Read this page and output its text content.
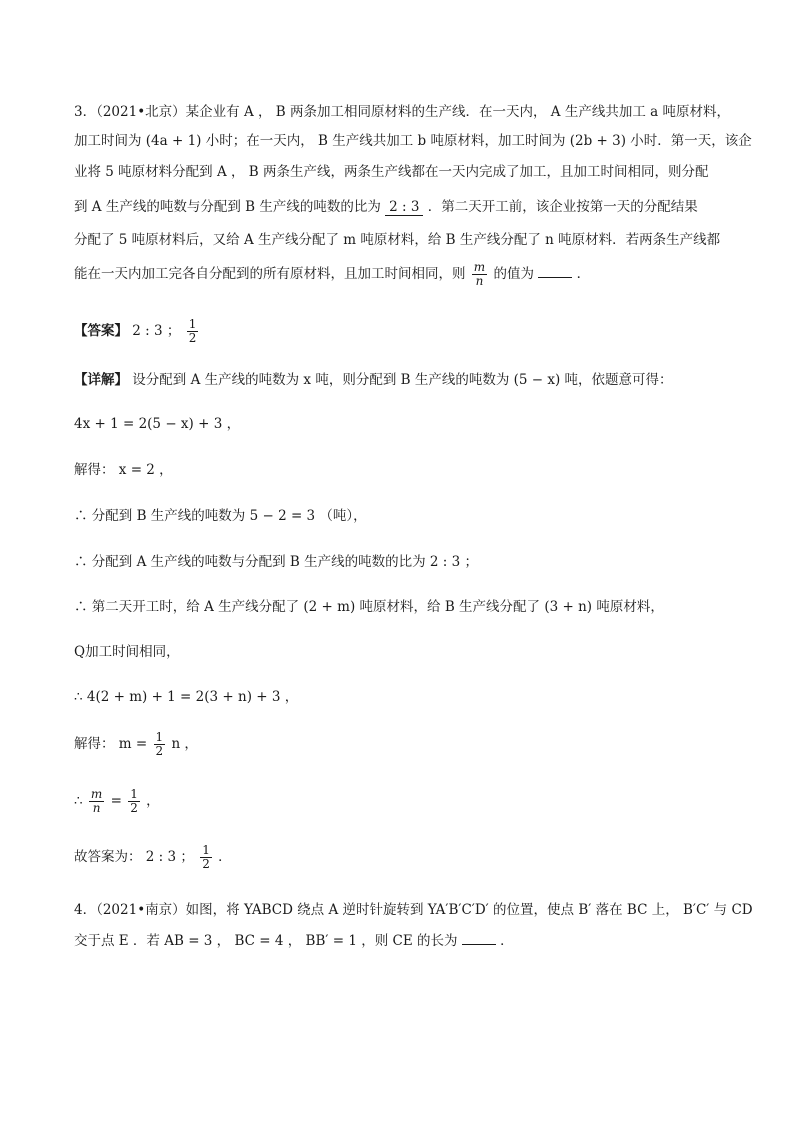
3．（2021•北京）某企业有 A ， B 两条加工相同原材料的生产线．在一天内， A 生产线共加工 a 吨原材料，
加工时间为 (4a + 1) 小时；在一天内， B 生产线共加工 b 吨原材料，加工时间为 (2b + 3) 小时．第一天，该企
业将 5 吨原材料分配到 A ， B 两条生产线，两条生产线都在一天内完成了加工，且加工时间相同，则分配
到 A 生产线的吨数与分配到 B 生产线的吨数的比为 2 : 3 ．第二天开工前，该企业按第一天的分配结果
分配了 5 吨原材料后，又给 A 生产线分配了 m 吨原材料，给 B 生产线分配了 n 吨原材料．若两条生产线都
能在一天内加工完各自分配到的所有原材料，且加工时间相同，则 $\frac{m}{n}$ 的值为	．
【答案】 2 : 3 ； $\frac{1}{2}$
【详解】 设分配到 A 生产线的吨数为 x 吨，则分配到 B 生产线的吨数为 (5 − x) 吨，依题意可得：
4x + 1 = 2(5 − x) + 3 ，
解得： x = 2 ，
∴ 分配到 B 生产线的吨数为 5 − 2 = 3 （吨），
∴ 分配到 A 生产线的吨数与分配到 B 生产线的吨数的比为 2 : 3 ；
∴ 第二天开工时，给 A 生产线分配了 (2 + m) 吨原材料，给 B 生产线分配了 (3 + n) 吨原材料，
Q加工时间相同，
∴ 4(2 + m) + 1 = 2(3 + n) + 3 ，
解得： $m = \frac{1}{2}$ n ，
∴ $\frac{m}{n} = \frac{1}{2}$ ，
故答案为： 2 : 3 ； $\frac{1}{2}$ ．
4．（2021•南京）如图，将 YABCD 绕点 A 逆时针旋转到 YA′B′C′D′ 的位置，使点 B′ 落在 BC 上， B′C′ 与 CD
交于点 E ．若 AB = 3 ， BC = 4 ， BB′ = 1 ，则 CE 的长为	．
